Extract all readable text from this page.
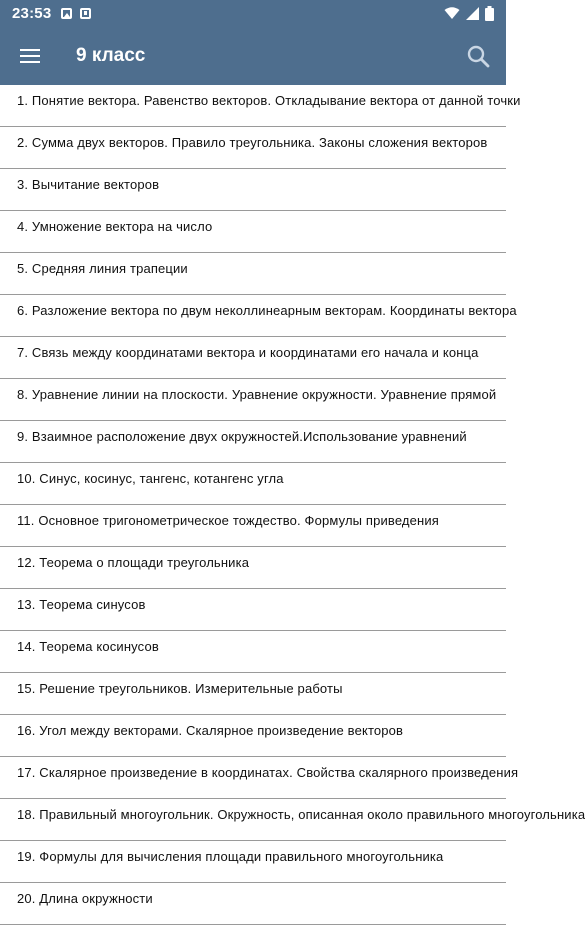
23:53
9 класс
1. Понятие вектора. Равенство векторов. Откладывание вектора от данной точки
2. Сумма двух векторов. Правило треугольника. Законы сложения векторов
3. Вычитание векторов
4. Умножение вектора на число
5. Средняя линия трапеции
6. Разложение вектора по двум неколлинеарным векторам. Координаты вектора
7. Связь между координатами вектора и координатами его начала и конца
8. Уравнение линии на плоскости. Уравнение окружности. Уравнение прямой
9. Взаимное расположение двух окружностей.Использование уравнений
10. Синус, косинус, тангенс, котангенс угла
11. Основное тригонометрическое тождество. Формулы приведения
12. Теорема о площади треугольника
13. Теорема синусов
14. Теорема косинусов
15. Решение треугольников. Измерительные работы
16. Угол между векторами. Скалярное произведение векторов
17. Скалярное произведение в координатах. Свойства скалярного произведения
18. Правильный многоугольник. Окружность, описанная около правильного многоугольника
19. Формулы для вычисления площади правильного многоугольника
20. Длина окружности
